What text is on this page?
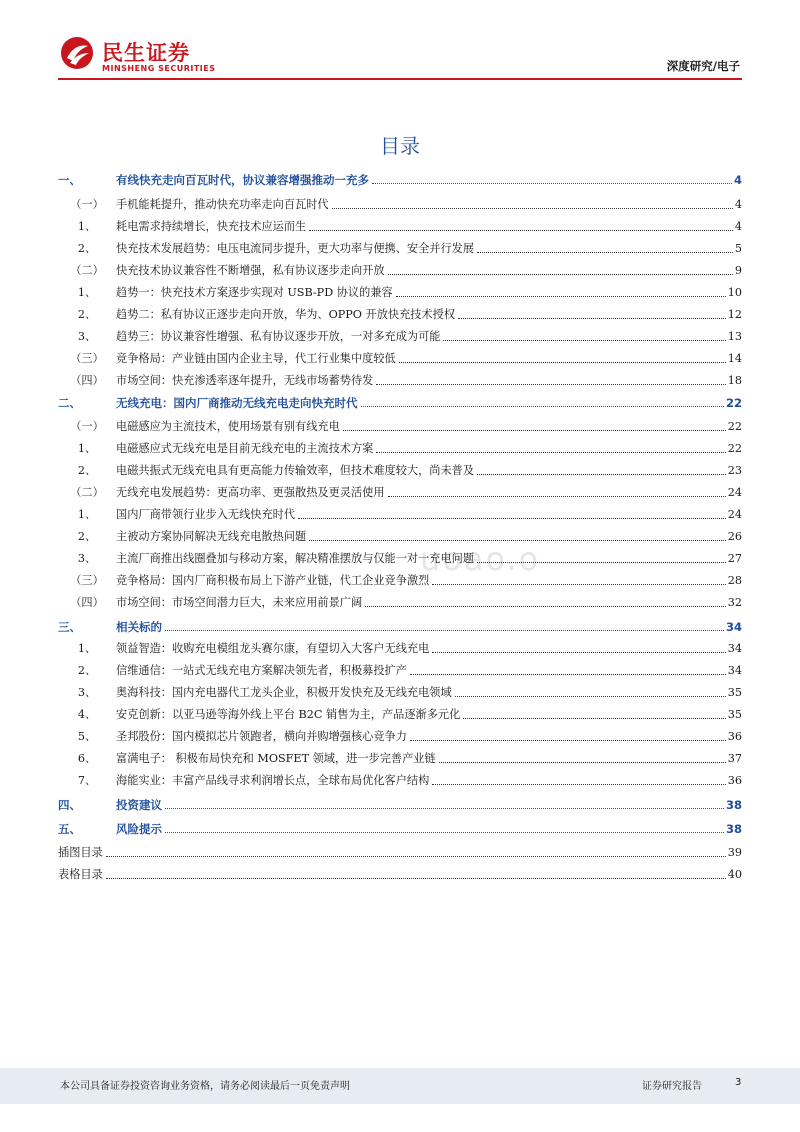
民生证券
MINSHENG SECURITIES	深度研究/电子
目录
uoao.o
一、	有线快充走向百瓦时代，协议兼容增强推动一充多	4
（一）	手机能耗提升，推动快充功率走向百瓦时代	4
1、	耗电需求持续增长，快充技术应运而生	4
2、	快充技术发展趋势：电压电流同步提升，更大功率与便携、安全并行发展	5
（二）	快充技术协议兼容性不断增强，私有协议逐步走向开放	9
1、	趋势一：快充技术方案逐步实现对 USB-PD 协议的兼容	10
2、	趋势二：私有协议正逐步走向开放，华为、OPPO 开放快充技术授权	12
3、	趋势三：协议兼容性增强、私有协议逐步开放，一对多充成为可能	13
（三）	竞争格局：产业链由国内企业主导，代工行业集中度较低	14
（四）	市场空间：快充渗透率逐年提升，无线市场蓄势待发	18
二、	无线充电：国内厂商推动无线充电走向快充时代	22
（一）	电磁感应为主流技术，使用场景有别有线充电	22
1、	电磁感应式无线充电是目前无线充电的主流技术方案	22
2、	电磁共振式无线充电具有更高能力传输效率，但技术难度较大，尚未普及	23
（二）	无线充电发展趋势：更高功率、更强散热及更灵活使用	24
1、	国内厂商带领行业步入无线快充时代	24
2、	主被动方案协同解决无线充电散热问题	26
3、	主流厂商推出线圈叠加与移动方案，解决精准摆放与仅能一对一充电问题	27
（三）	竞争格局：国内厂商积极布局上下游产业链，代工企业竞争激烈	28
（四）	市场空间：市场空间潜力巨大，未来应用前景广阔	32
三、	相关标的	34
1、	领益智造：收购充电模组龙头赛尔康，有望切入大客户无线充电	34
2、	信维通信：一站式无线充电方案解决领先者，积极募投扩产	34
3、	奥海科技：国内充电器代工龙头企业，积极开发快充及无线充电领域	35
4、	安克创新：以亚马逊等海外线上平台 B2C 销售为主，产品逐渐多元化	35
5、	圣邦股份：国内模拟芯片领跑者，横向并购增强核心竞争力	36
6、	富满电子： 积极布局快充和 MOSFET 领域，进一步完善产业链	37
7、	海能实业：丰富产品线寻求利润增长点，全球布局优化客户结构	36
四、	投资建议	38
五、	风险提示	38
插图目录	39
表格目录	40
本公司具备证券投资咨询业务资格，请务必阅读最后一页免责声明	证券研究报告	3
